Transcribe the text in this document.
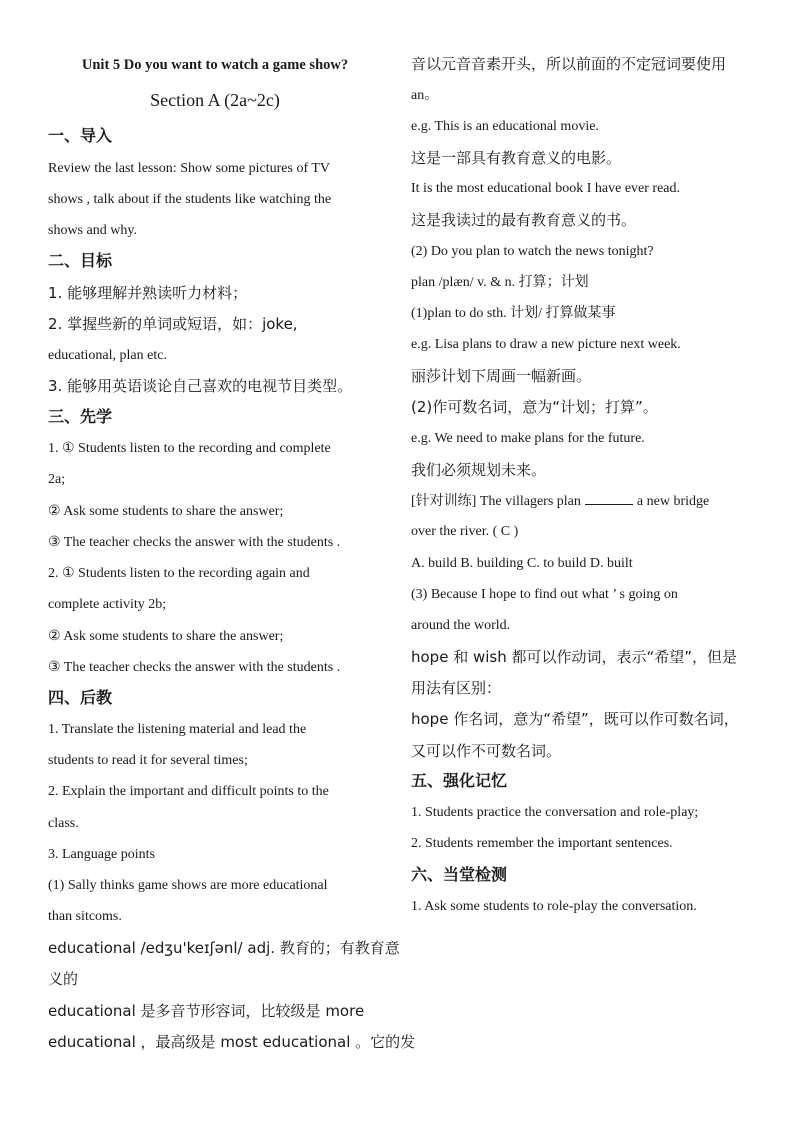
Unit 5 Do you want to watch a game show?
Section A (2a~2c)
一、导入
Review the last lesson: Show some pictures of TV
shows , talk about if the students like watching the
shows and why.
二、目标
1. 能够理解并熟读听力材料；
2. 掌握些新的单词或短语，如：joke,
educational, plan etc.
3. 能够用英语谈论自己喜欢的电视节目类型。
三、先学
1. ① Students listen to the recording and complete
2a;
② Ask some students to share the answer;
③ The teacher checks the answer with the students .
2. ① Students listen to the recording again and
complete activity 2b;
② Ask some students to share the answer;
③ The teacher checks the answer with the students .
四、后教
1. Translate the listening material and lead the
students to read it for several times;
2. Explain the important and difficult points to the
class.
3. Language points
(1) Sally thinks game shows are more educational
than sitcoms.
educational /edʒu'keɪʃənl/ adj. 教育的；有教育意
义的
educational 是多音节形容词，比较级是 more
educational ，最高级是 most educational 。它的发
音以元音音素开头，所以前面的不定冠词要使用
an。
e.g. This is an educational movie.
这是一部具有教育意义的电影。
It is the most educational book I have ever read.
这是我读过的最有教育意义的书。
(2) Do you plan to watch the news tonight?
plan /plæn/ v. & n. 打算；计划
(1)plan to do sth. 计划/ 打算做某事
e.g. Lisa plans to draw a new picture next week.
丽莎计划下周画一幅新画。
(2)作可数名词，意为“计划；打算”。
e.g. We need to make plans for the future.
我们必须规划未来。
[针对训练] The villagers plan	a new bridge
over the river. ( C )
A. build B. building C. to build D. built
(3) Because I hope to find out what ’ s going on
around the world.
hope 和 wish 都可以作动词，表示“希望”，但是
用法有区别：
hope 作名词，意为“希望”，既可以作可数名词，
又可以作不可数名词。
五、强化记忆
1. Students practice the conversation and role-play;
2. Students remember the important sentences.
六、当堂检测
1. Ask some students to role-play the conversation.
